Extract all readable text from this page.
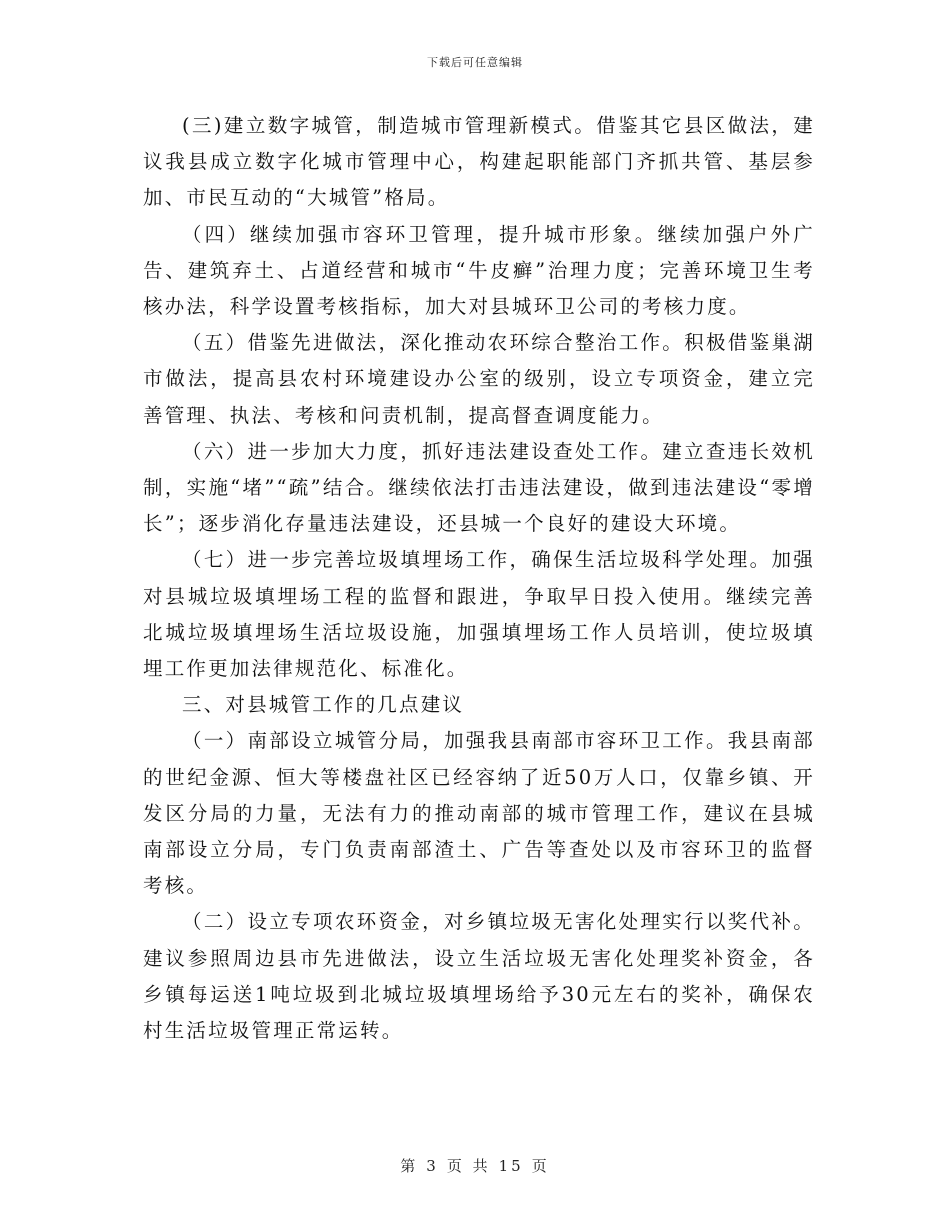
下载后可任意编辑

(三)建立数字城管，制造城市管理新模式。借鉴其它县区做法，建议我县成立数字化城市管理中心，构建起职能部门齐抓共管、基层参加、市民互动的“大城管”格局。

（四）继续加强市容环卫管理，提升城市形象。继续加强户外广告、建筑弃土、占道经营和城市“牛皮癣”治理力度；完善环境卫生考核办法，科学设置考核指标，加大对县城环卫公司的考核力度。

（五）借鉴先进做法，深化推动农环综合整治工作。积极借鉴巢湖市做法，提高县农村环境建设办公室的级别，设立专项资金，建立完善管理、执法、考核和问责机制，提高督查调度能力。

（六）进一步加大力度，抓好违法建设查处工作。建立查违长效机制，实施“堵”“疏”结合。继续依法打击违法建设，做到违法建设“零增长”；逐步消化存量违法建设，还县城一个良好的建设大环境。

（七）进一步完善垃圾填埋场工作，确保生活垃圾科学处理。加强对县城垃圾填埋场工程的监督和跟进，争取早日投入使用。继续完善北城垃圾填埋场生活垃圾设施，加强填埋场工作人员培训，使垃圾填埋工作更加法律规范化、标准化。

三、对县城管工作的几点建议

（一）南部设立城管分局，加强我县南部市容环卫工作。我县南部的世纪金源、恒大等楼盘社区已经容纳了近50万人口，仅靠乡镇、开发区分局的力量，无法有力的推动南部的城市管理工作，建议在县城南部设立分局，专门负责南部渣土、广告等查处以及市容环卫的监督考核。

（二）设立专项农环资金，对乡镇垃圾无害化处理实行以奖代补。建议参照周边县市先进做法，设立生活垃圾无害化处理奖补资金，各乡镇每运送1吨垃圾到北城垃圾填埋场给予30元左右的奖补，确保农村生活垃圾管理正常运转。

第 3 页 共 15 页
